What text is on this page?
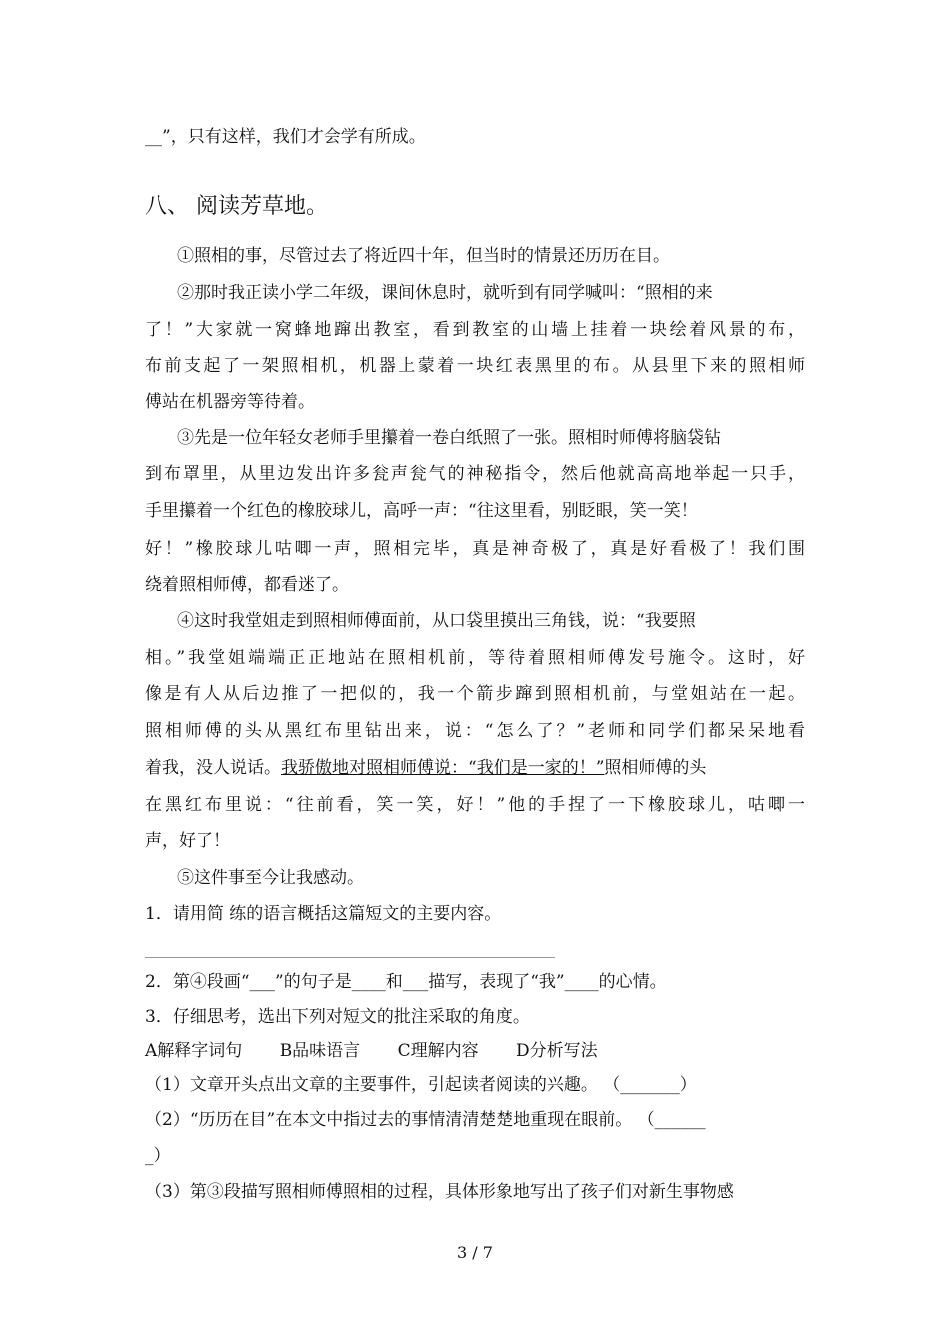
__”，只有这样，我们才会学有所成。
八、 阅读芳草地。
①照相的事，尽管过去了将近四十年，但当时的情景还历历在目。
②那时我正读小学二年级，课间休息时，就听到有同学喊叫：“照相的来
了！”大家就一窝蜂地蹿出教室，看到教室的山墙上挂着一块绘着风景的布，
布前支起了一架照相机，机器上蒙着一块红表黑里的布。从县里下来的照相师
傅站在机器旁等待着。
③先是一位年轻女老师手里攥着一卷白纸照了一张。照相时师傅将脑袋钻
到布罩里，从里边发出许多瓮声瓮气的神秘指令，然后他就高高地举起一只手，
手里攥着一个红色的橡胶球儿，高呼一声：“往这里看，别眨眼，笑一笑！
好！”橡胶球儿咕唧一声，照相完毕，真是神奇极了，真是好看极了！我们围
绕着照相师傅，都看迷了。
④这时我堂姐走到照相师傅面前，从口袋里摸出三角钱，说：“我要照
相。”我堂姐端端正正地站在照相机前，等待着照相师傅发号施令。这时，好
像是有人从后边推了一把似的，我一个箭步蹿到照相机前，与堂姐站在一起。
照相师傅的头从黑红布里钻出来，说：“怎么了？”老师和同学们都呆呆地看
着我，没人说话。我骄傲地对照相师傅说：“我们是一家的！”照相师傅的头
在黑红布里说：“往前看，笑一笑，好！”他的手捏了一下橡胶球儿，咕唧一
声，好了！
⑤这件事至今让我感动。
1．请用简 练的语言概括这篇短文的主要内容。
2．第④段画“___”的句子是____和___描写，表现了“我”____的心情。
3．仔细思考，选出下列对短文的批注采取的角度。
A解释字词句 B品味语言 C理解内容 D分析写法
（1）文章开头点出文章的主要事件，引起读者阅读的兴趣。 （_______）
（2）“历历在目”在本文中指过去的事情清清楚楚地重现在眼前。 （______
_）
（3）第③段描写照相师傅照相的过程，具体形象地写出了孩子们对新生事物感
3 / 7
